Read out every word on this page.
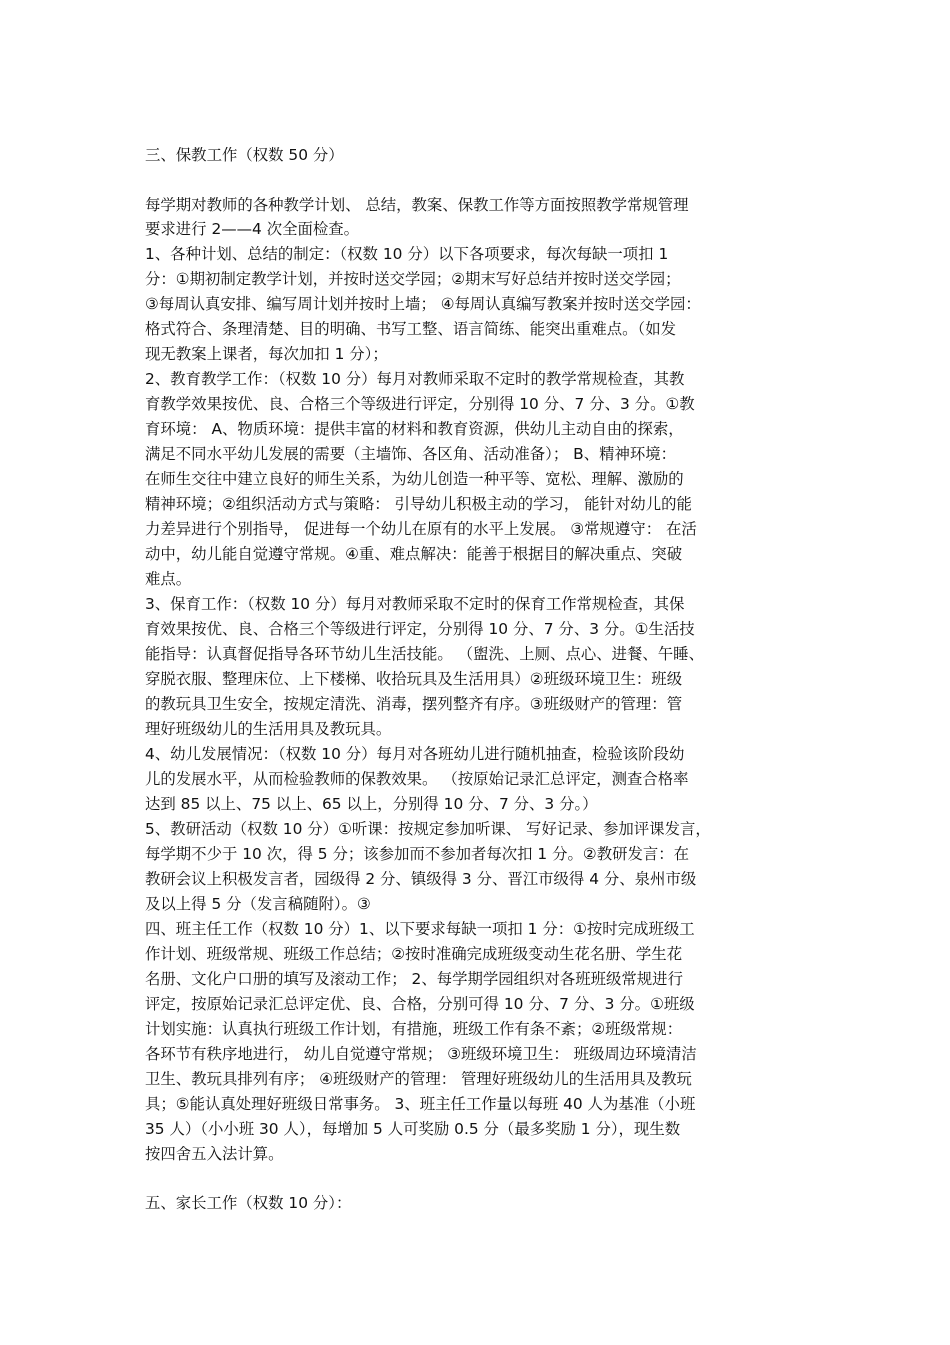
三、保教工作（权数 50 分）
每学期对教师的各种教学计划、 总结，教案、保教工作等方面按照教学常规管理
要求进行 2——4 次全面检查。
1、各种计划、总结的制定：（权数 10 分）以下各项要求，每次每缺一项扣 1
分：①期初制定教学计划，并按时送交学园；②期末写好总结并按时送交学园；
③每周认真安排、编写周计划并按时上墙； ④每周认真编写教案并按时送交学园：
格式符合、条理清楚、目的明确、书写工整、语言简练、能突出重难点。（如发
现无教案上课者，每次加扣 1 分）；
2、教育教学工作：（权数 10 分）每月对教师采取不定时的教学常规检查，其教
育教学效果按优、良、合格三个等级进行评定，分别得 10 分、7 分、3 分。①教
育环境： A、物质环境：提供丰富的材料和教育资源，供幼儿主动自由的探索，
满足不同水平幼儿发展的需要（主墙饰、各区角、活动准备）； B、精神环境：
在师生交往中建立良好的师生关系，为幼儿创造一种平等、宽松、理解、激励的
精神环境；②组织活动方式与策略： 引导幼儿积极主动的学习， 能针对幼儿的能
力差异进行个别指导， 促进每一个幼儿在原有的水平上发展。 ③常规遵守： 在活
动中，幼儿能自觉遵守常规。④重、难点解决：能善于根据目的解决重点、突破
难点。
3、保育工作：（权数 10 分）每月对教师采取不定时的保育工作常规检查，其保
育效果按优、良、合格三个等级进行评定，分别得 10 分、7 分、3 分。①生活技
能指导：认真督促指导各环节幼儿生活技能。 （盥洗、上厕、点心、进餐、午睡、
穿脱衣服、整理床位、上下楼梯、收拾玩具及生活用具）②班级环境卫生：班级
的教玩具卫生安全，按规定清洗、消毒，摆列整齐有序。③班级财产的管理：管
理好班级幼儿的生活用具及教玩具。
4、幼儿发展情况：（权数 10 分）每月对各班幼儿进行随机抽查，检验该阶段幼
儿的发展水平，从而检验教师的保教效果。 （按原始记录汇总评定，测查合格率
达到 85 以上、75 以上、65 以上，分别得 10 分、7 分、3 分。）
5、教研活动（权数 10 分）①听课：按规定参加听课、 写好记录、参加评课发言，
每学期不少于 10 次，得 5 分；该参加而不参加者每次扣 1 分。②教研发言：在
教研会议上积极发言者，园级得 2 分、镇级得 3 分、晋江市级得 4 分、泉州市级
及以上得 5 分（发言稿随附）。③
四、班主任工作（权数 10 分）1、以下要求每缺一项扣 1 分：①按时完成班级工
作计划、班级常规、班级工作总结；②按时准确完成班级变动生花名册、学生花
名册、文化户口册的填写及滚动工作； 2、每学期学园组织对各班班级常规进行
评定，按原始记录汇总评定优、良、合格，分别可得 10 分、7 分、3 分。①班级
计划实施：认真执行班级工作计划，有措施，班级工作有条不紊；②班级常规：
各环节有秩序地进行， 幼儿自觉遵守常规； ③班级环境卫生： 班级周边环境清洁
卫生、教玩具排列有序； ④班级财产的管理： 管理好班级幼儿的生活用具及教玩
具；⑤能认真处理好班级日常事务。 3、班主任工作量以每班 40 人为基准（小班
35 人）（小小班 30 人），每增加 5 人可奖励 0.5 分（最多奖励 1 分），现生数
按四舍五入法计算。
五、家长工作（权数 10 分）：
